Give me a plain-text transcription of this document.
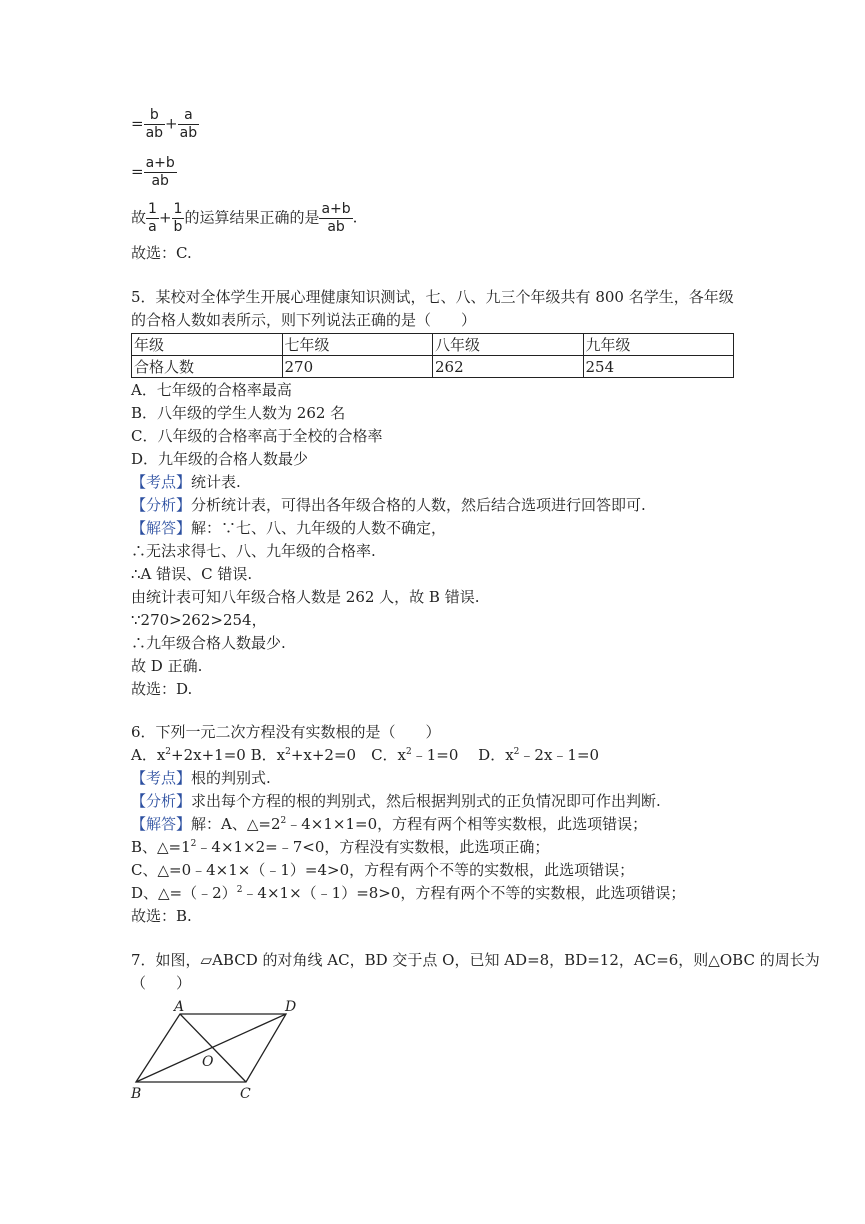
= $\frac{b}{ab} + \frac{a}{ab}$
= $\frac{a+b}{ab}$
故 $\frac{1}{a} + \frac{1}{b}$ 的运算结果正确的是 $\frac{a+b}{ab}$ .
故选：C.
5．某校对全体学生开展心理健康知识测试，七、八、九三个年级共有 800 名学生，各年级
的合格人数如表所示，则下列说法正确的是（　　）
年级	七年级	八年级	九年级
合格人数	270	262	254
A．七年级的合格率最高
B．八年级的学生人数为 262 名
C．八年级的合格率高于全校的合格率
D．九年级的合格人数最少
【考点】统计表.
【分析】分析统计表，可得出各年级合格的人数，然后结合选项进行回答即可.
【解答】解：∵七、八、九年级的人数不确定，
∴无法求得七、八、九年级的合格率.
∴A 错误、C 错误.
由统计表可知八年级合格人数是 262 人，故 B 错误.
∵270>262>254，
∴九年级合格人数最少.
故 D 正确.
故选：D.
6．下列一元二次方程没有实数根的是（　　）
A．$x^2+2x+1=0$ B．$x^2+x+2=0$　C．$x^2﹣1=0$　 D．$x^2﹣2x﹣1=0$
【考点】根的判别式.
【分析】求出每个方程的根的判别式，然后根据判别式的正负情况即可作出判断.
【解答】解：A、$\triangle=2^2﹣4\times 1\times 1=0$，方程有两个相等实数根，此选项错误；
B、$\triangle=1^2﹣4\times 1\times 2=﹣7<0$，方程没有实数根，此选项正确；
C、△=0﹣4×1×（﹣1）=4>0，方程有两个不等的实数根，此选项错误；
D、△=（﹣2）$^2$﹣4×1×（﹣1）=8>0，方程有两个不等的实数根，此选项错误；
故选：B.
7．如图，▱ABCD 的对角线 AC，BD 交于点 O，已知 AD=8，BD=12，AC=6，则△OBC 的周长为
（　　）
A	D
B	C
O
